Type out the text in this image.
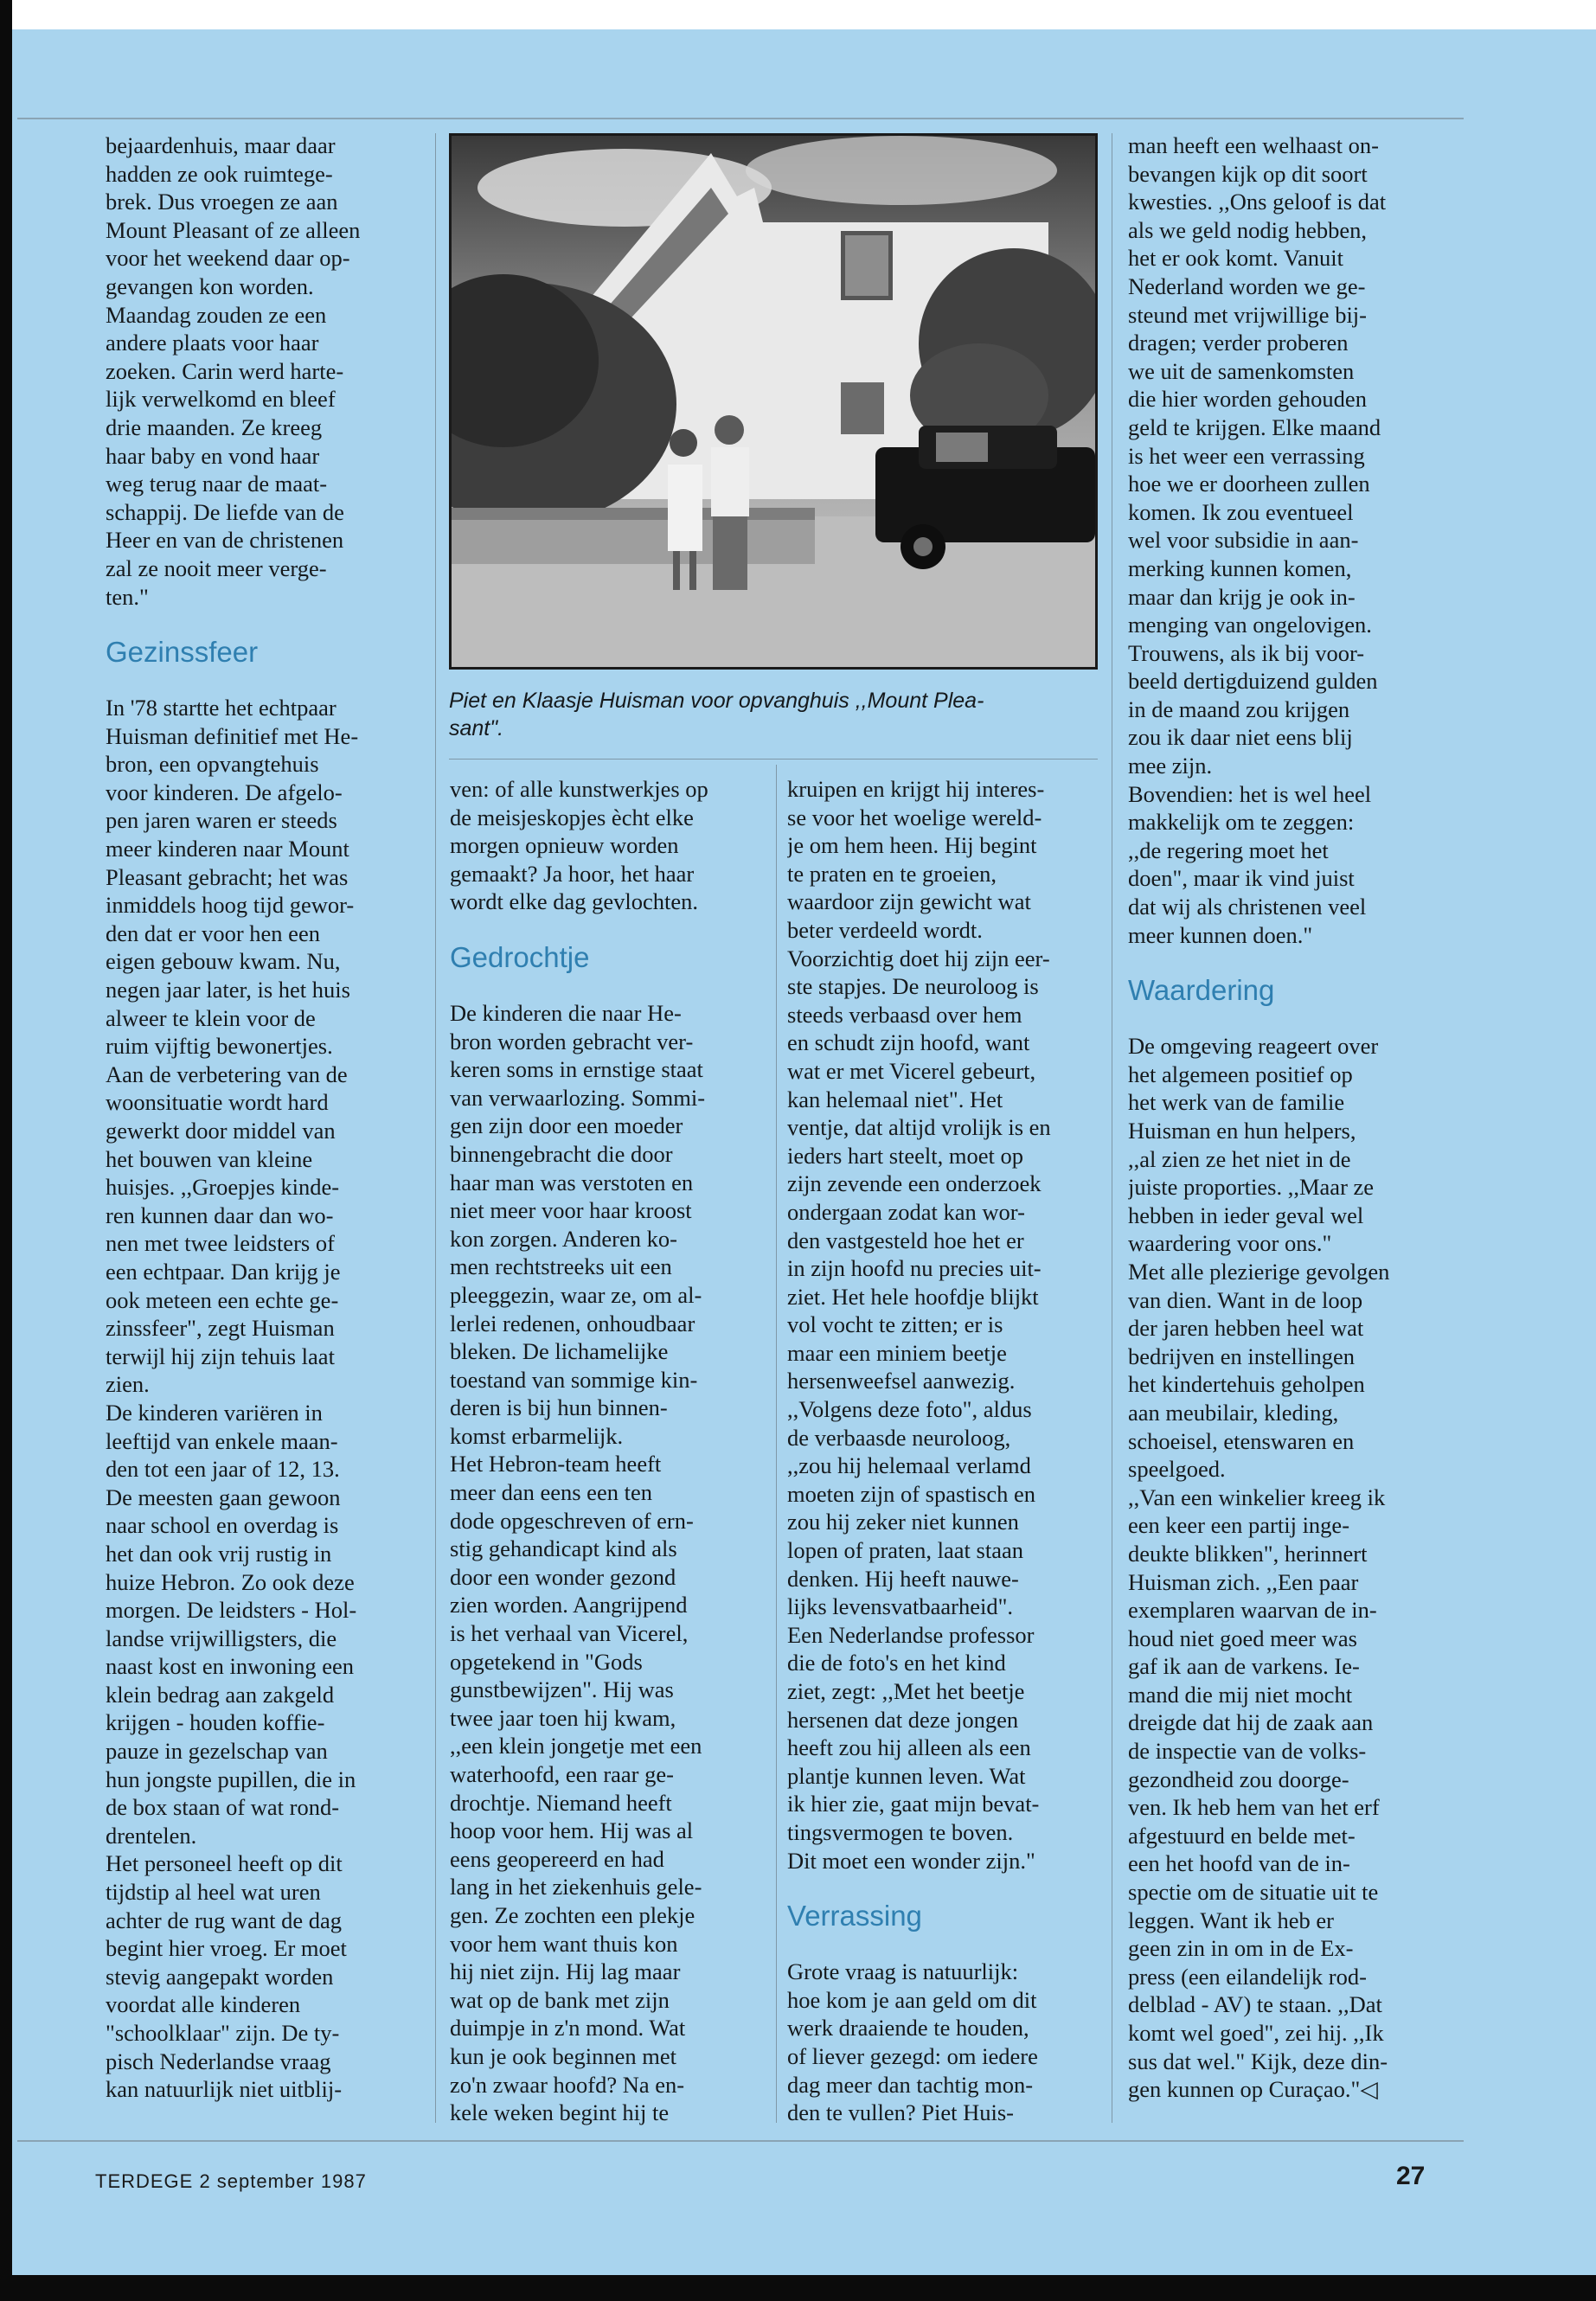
bejaardenhuis, maar daar
hadden ze ook ruimtege-
brek. Dus vroegen ze aan
Mount Pleasant of ze alleen
voor het weekend daar op-
gevangen kon worden.
Maandag zouden ze een
andere plaats voor haar
zoeken. Carin werd harte-
lijk verwelkomd en bleef
drie maanden. Ze kreeg
haar baby en vond haar
weg terug naar de maat-
schappij. De liefde van de
Heer en van de christenen
zal ze nooit meer verge-
ten."

Gezinssfeer

In '78 startte het echtpaar
Huisman definitief met He-
bron, een opvangtehuis
voor kinderen. De afgelo-
pen jaren waren er steeds
meer kinderen naar Mount
Pleasant gebracht; het was
inmiddels hoog tijd gewor-
den dat er voor hen een
eigen gebouw kwam. Nu,
negen jaar later, is het huis
alweer te klein voor de
ruim vijftig bewonertjes.
Aan de verbetering van de
woonsituatie wordt hard
gewerkt door middel van
het bouwen van kleine
huisjes. ,,Groepjes kinde-
ren kunnen daar dan wo-
nen met twee leidsters of
een echtpaar. Dan krijg je
ook meteen een echte ge-
zinssfeer", zegt Huisman
terwijl hij zijn tehuis laat
zien.

De kinderen variëren in
leeftijd van enkele maan-
den tot een jaar of 12, 13.
De meesten gaan gewoon
naar school en overdag is
het dan ook vrij rustig in
huize Hebron. Zo ook deze
morgen. De leidsters - Hol-
landse vrijwilligsters, die
naast kost en inwoning een
klein bedrag aan zakgeld
krijgen - houden koffie-
pauze in gezelschap van
hun jongste pupillen, die in
de box staan of wat rond-
drentelen.

Het personeel heeft op dit
tijdstip al heel wat uren
achter de rug want de dag
begint hier vroeg. Er moet
stevig aangepakt worden
voordat alle kinderen
"schoolklaar" zijn. De ty-
pisch Nederlandse vraag
kan natuurlijk niet uitblij-

Piet en Klaasje Huisman voor opvanghuis ,,Mount Plea-
sant".

ven: of alle kunstwerkjes op
de meisjeskopjes ècht elke
morgen opnieuw worden
gemaakt? Ja hoor, het haar
wordt elke dag gevlochten.

Gedrochtje

De kinderen die naar He-
bron worden gebracht ver-
keren soms in ernstige staat
van verwaarlozing. Sommi-
gen zijn door een moeder
binnengebracht die door
haar man was verstoten en
niet meer voor haar kroost
kon zorgen. Anderen ko-
men rechtstreeks uit een
pleeggezin, waar ze, om al-
lerlei redenen, onhoudbaar
bleken. De lichamelijke
toestand van sommige kin-
deren is bij hun binnen-
komst erbarmelijk.

Het Hebron-team heeft
meer dan eens een ten
dode opgeschreven of ern-
stig gehandicapt kind als
door een wonder gezond
zien worden. Aangrijpend
is het verhaal van Vicerel,
opgetekend in "Gods
gunstbewijzen". Hij was
twee jaar toen hij kwam,
,,een klein jongetje met een
waterhoofd, een raar ge-
drochtje. Niemand heeft
hoop voor hem. Hij was al
eens geopereerd en had
lang in het ziekenhuis gele-
gen. Ze zochten een plekje
voor hem want thuis kon
hij niet zijn. Hij lag maar
wat op de bank met zijn
duimpje in z'n mond. Wat
kun je ook beginnen met
zo'n zwaar hoofd? Na en-
kele weken begint hij te

kruipen en krijgt hij interes-
se voor het woelige wereld-
je om hem heen. Hij begint
te praten en te groeien,
waardoor zijn gewicht wat
beter verdeeld wordt.
Voorzichtig doet hij zijn eer-
ste stapjes. De neuroloog is
steeds verbaasd over hem
en schudt zijn hoofd, want
wat er met Vicerel gebeurt,
kan helemaal niet". Het
ventje, dat altijd vrolijk is en
ieders hart steelt, moet op
zijn zevende een onderzoek
ondergaan zodat kan wor-
den vastgesteld hoe het er
in zijn hoofd nu precies uit-
ziet. Het hele hoofdje blijkt
vol vocht te zitten; er is
maar een miniem beetje
hersenweefsel aanwezig.
,,Volgens deze foto", aldus
de verbaasde neuroloog,
,,zou hij helemaal verlamd
moeten zijn of spastisch en
zou hij zeker niet kunnen
lopen of praten, laat staan
denken. Hij heeft nauwe-
lijks levensvatbaarheid".
Een Nederlandse professor
die de foto's en het kind
ziet, zegt: ,,Met het beetje
hersenen dat deze jongen
heeft zou hij alleen als een
plantje kunnen leven. Wat
ik hier zie, gaat mijn bevat-
tingsvermogen te boven.
Dit moet een wonder zijn."

Verrassing

Grote vraag is natuurlijk:
hoe kom je aan geld om dit
werk draaiende te houden,
of liever gezegd: om iedere
dag meer dan tachtig mon-
den te vullen? Piet Huis-

man heeft een welhaast on-
bevangen kijk op dit soort
kwesties. ,,Ons geloof is dat
als we geld nodig hebben,
het er ook komt. Vanuit
Nederland worden we ge-
steund met vrijwillige bij-
dragen; verder proberen
we uit de samenkomsten
die hier worden gehouden
geld te krijgen. Elke maand
is het weer een verrassing
hoe we er doorheen zullen
komen. Ik zou eventueel
wel voor subsidie in aan-
merking kunnen komen,
maar dan krijg je ook in-
menging van ongelovigen.
Trouwens, als ik bij voor-
beeld dertigduizend gulden
in de maand zou krijgen
zou ik daar niet eens blij
mee zijn.
Bovendien: het is wel heel
makkelijk om te zeggen:
,,de regering moet het
doen", maar ik vind juist
dat wij als christenen veel
meer kunnen doen."

Waardering

De omgeving reageert over
het algemeen positief op
het werk van de familie
Huisman en hun helpers,
,,al zien ze het niet in de
juiste proporties. ,,Maar ze
hebben in ieder geval wel
waardering voor ons."
Met alle plezierige gevolgen
van dien. Want in de loop
der jaren hebben heel wat
bedrijven en instellingen
het kindertehuis geholpen
aan meubilair, kleding,
schoeisel, etenswaren en
speelgoed.
,,Van een winkelier kreeg ik
een keer een partij inge-
deukte blikken", herinnert
Huisman zich. ,,Een paar
exemplaren waarvan de in-
houd niet goed meer was
gaf ik aan de varkens. Ie-
mand die mij niet mocht
dreigde dat hij de zaak aan
de inspectie van de volks-
gezondheid zou doorge-
ven. Ik heb hem van het erf
afgestuurd en belde met-
een het hoofd van de in-
spectie om de situatie uit te
leggen. Want ik heb er
geen zin in om in de Ex-
press (een eilandelijk rod-
delblad - AV) te staan. ,,Dat
komt wel goed", zei hij. ,,Ik
sus dat wel." Kijk, deze din-
gen kunnen op Curaçao."

◁
TERDEGE 2 september 1987	27
